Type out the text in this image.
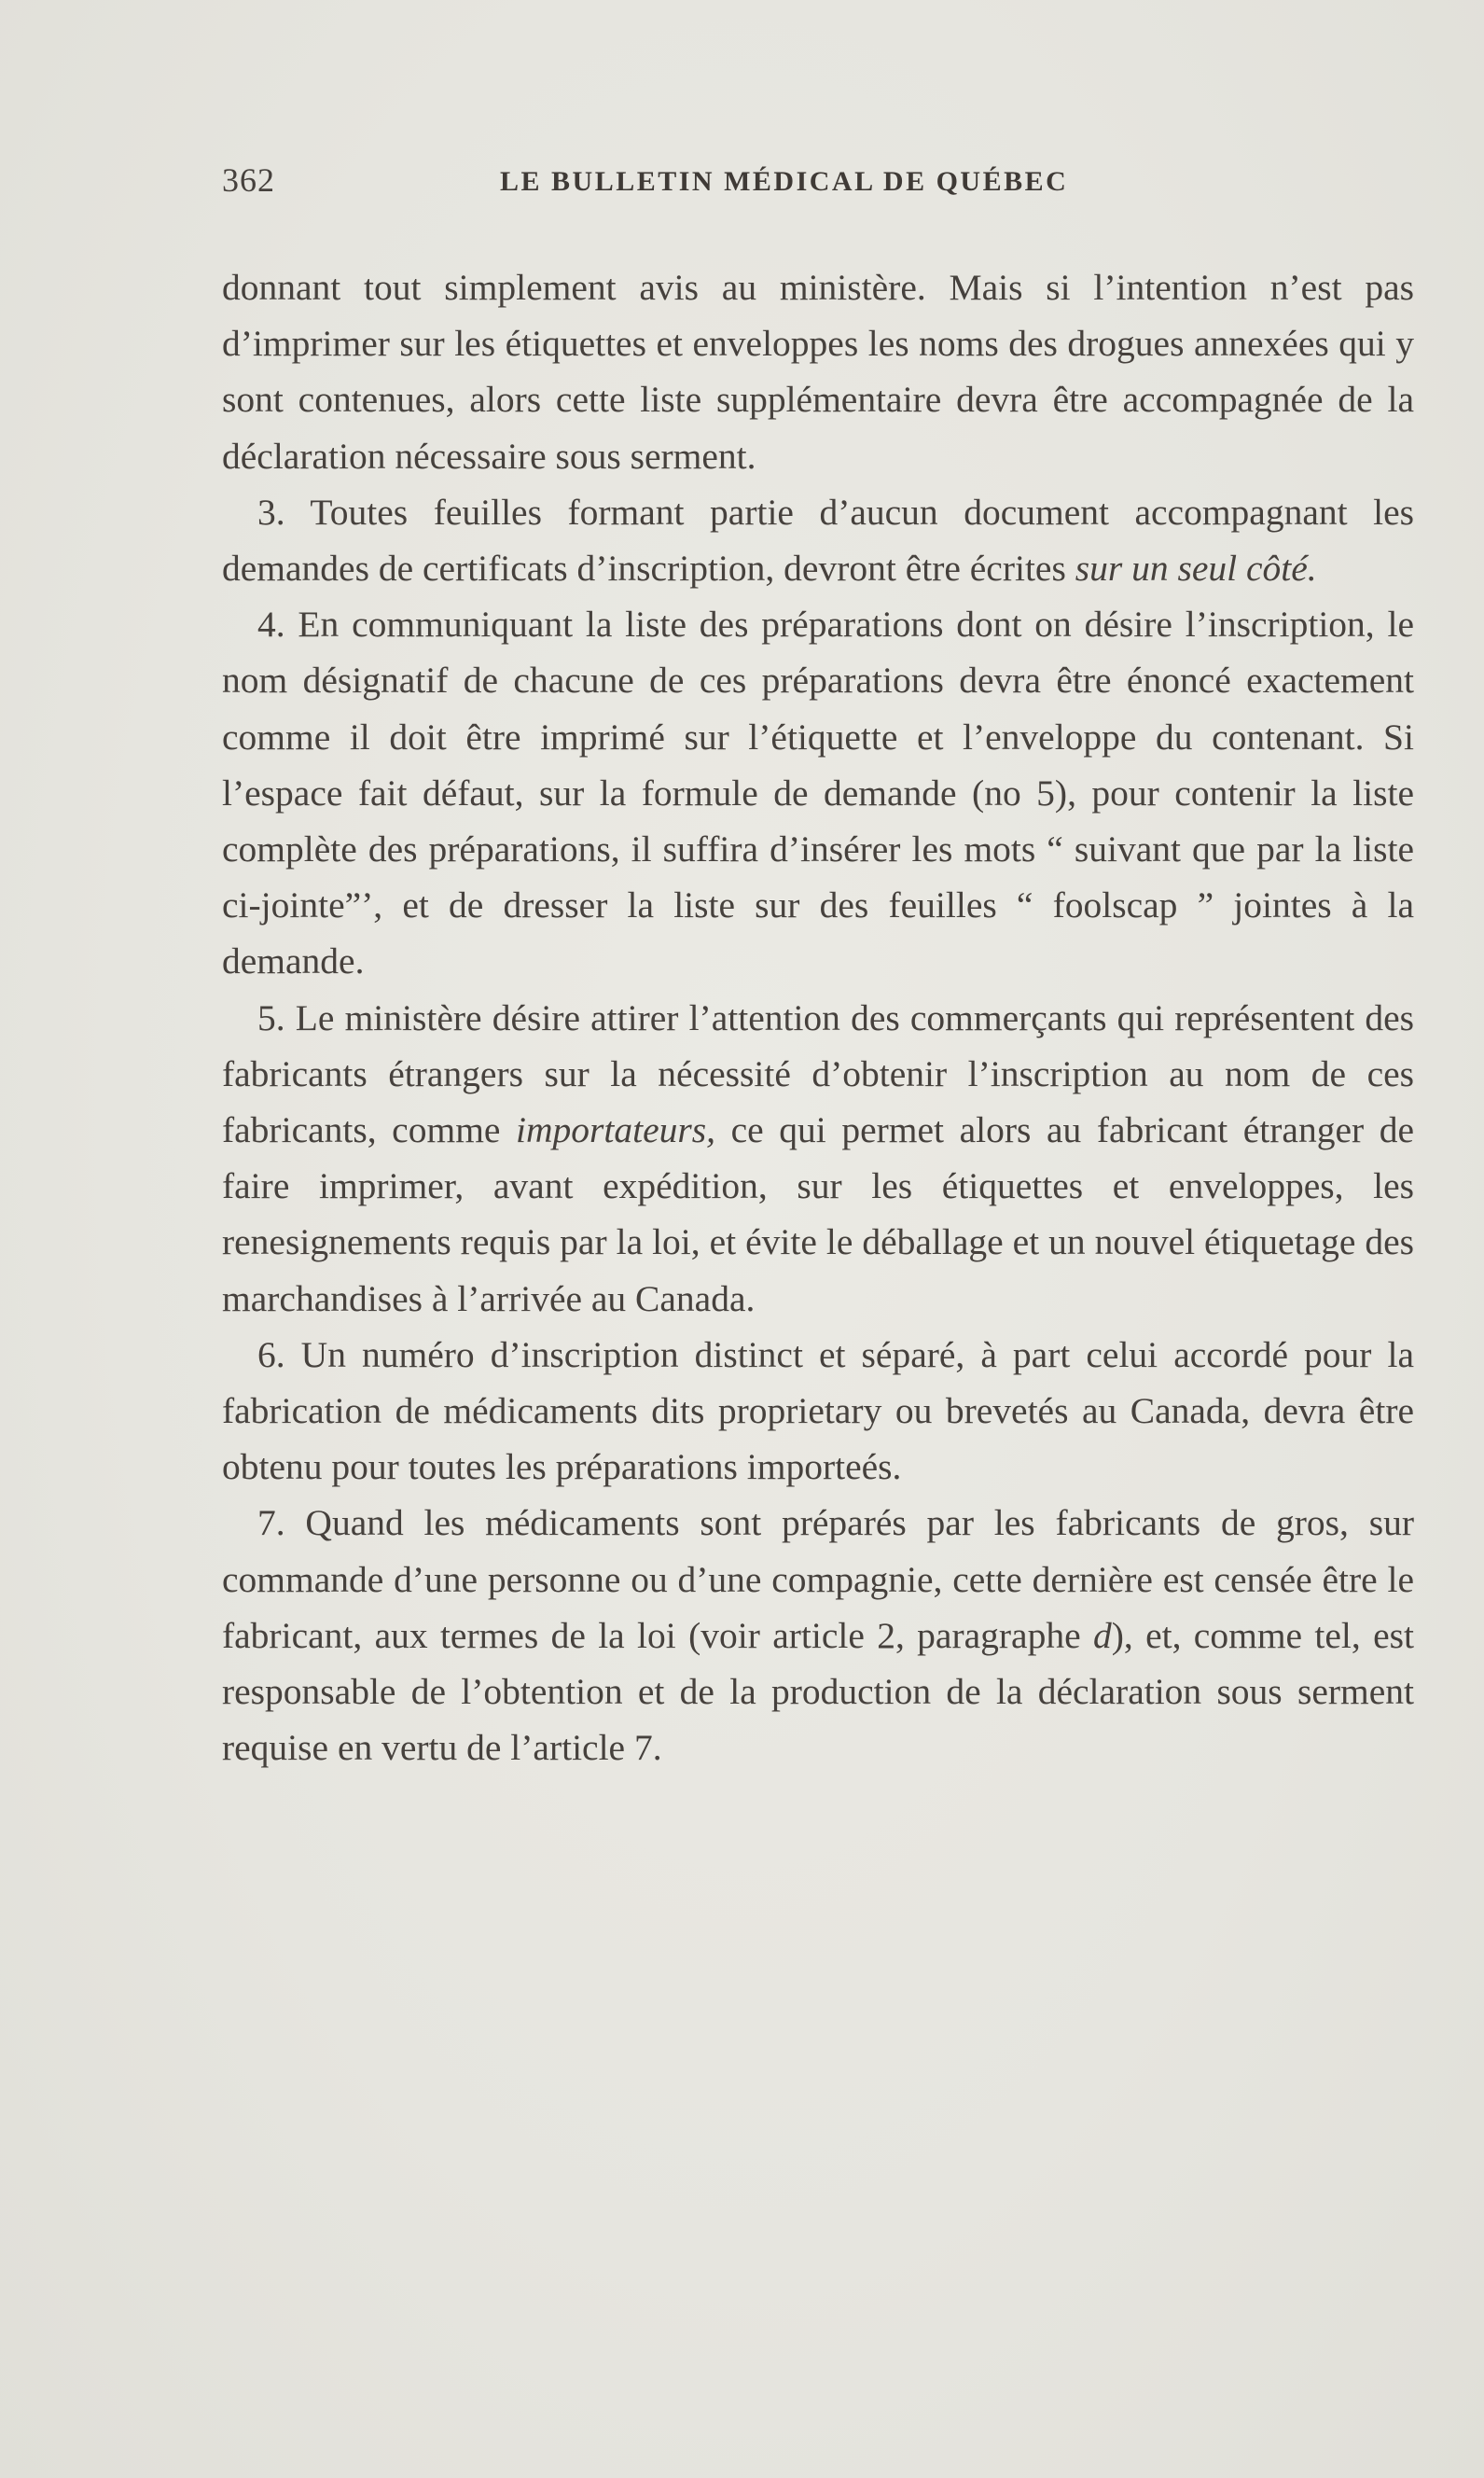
362	LE BULLETIN MÉDICAL DE QUÉBEC

donnant tout simplement avis au ministère. Mais si l’intention n’est pas d’imprimer sur les étiquettes et enveloppes les noms des drogues annexées qui y sont contenues, alors cette liste supplémentaire devra être accompagnée de la déclaration nécessaire sous serment.

3. Toutes feuilles formant partie d’aucun document accompagnant les demandes de certificats d’inscription, devront être écrites sur un seul côté.

4. En communiquant la liste des préparations dont on désire l’inscription, le nom désignatif de chacune de ces préparations devra être énoncé exactement comme il doit être imprimé sur l’étiquette et l’enveloppe du contenant. Si l’espace fait défaut, sur la formule de demande (no 5), pour contenir la liste complète des préparations, il suffira d’insérer les mots “ suivant que par la liste ci-jointe”’, et de dresser la liste sur des feuilles “ foolscap ” jointes à la demande.

5. Le ministère désire attirer l’attention des commerçants qui représentent des fabricants étrangers sur la nécessité d’obtenir l’inscription au nom de ces fabricants, comme importateurs, ce qui permet alors au fabricant étranger de faire imprimer, avant expédition, sur les étiquettes et enveloppes, les renesignements requis par la loi, et évite le déballage et un nouvel étiquetage des marchandises à l’arrivée au Canada.

6. Un numéro d’inscription distinct et séparé, à part celui accordé pour la fabrication de médicaments dits proprietary ou brevetés au Canada, devra être obtenu pour toutes les préparations importeés.

7. Quand les médicaments sont préparés par les fabricants de gros, sur commande d’une personne ou d’une compagnie, cette dernière est censée être le fabricant, aux termes de la loi (voir article 2, paragraphe d), et, comme tel, est responsable de l’obtention et de la production de la déclaration sous serment requise en vertu de l’article 7.
